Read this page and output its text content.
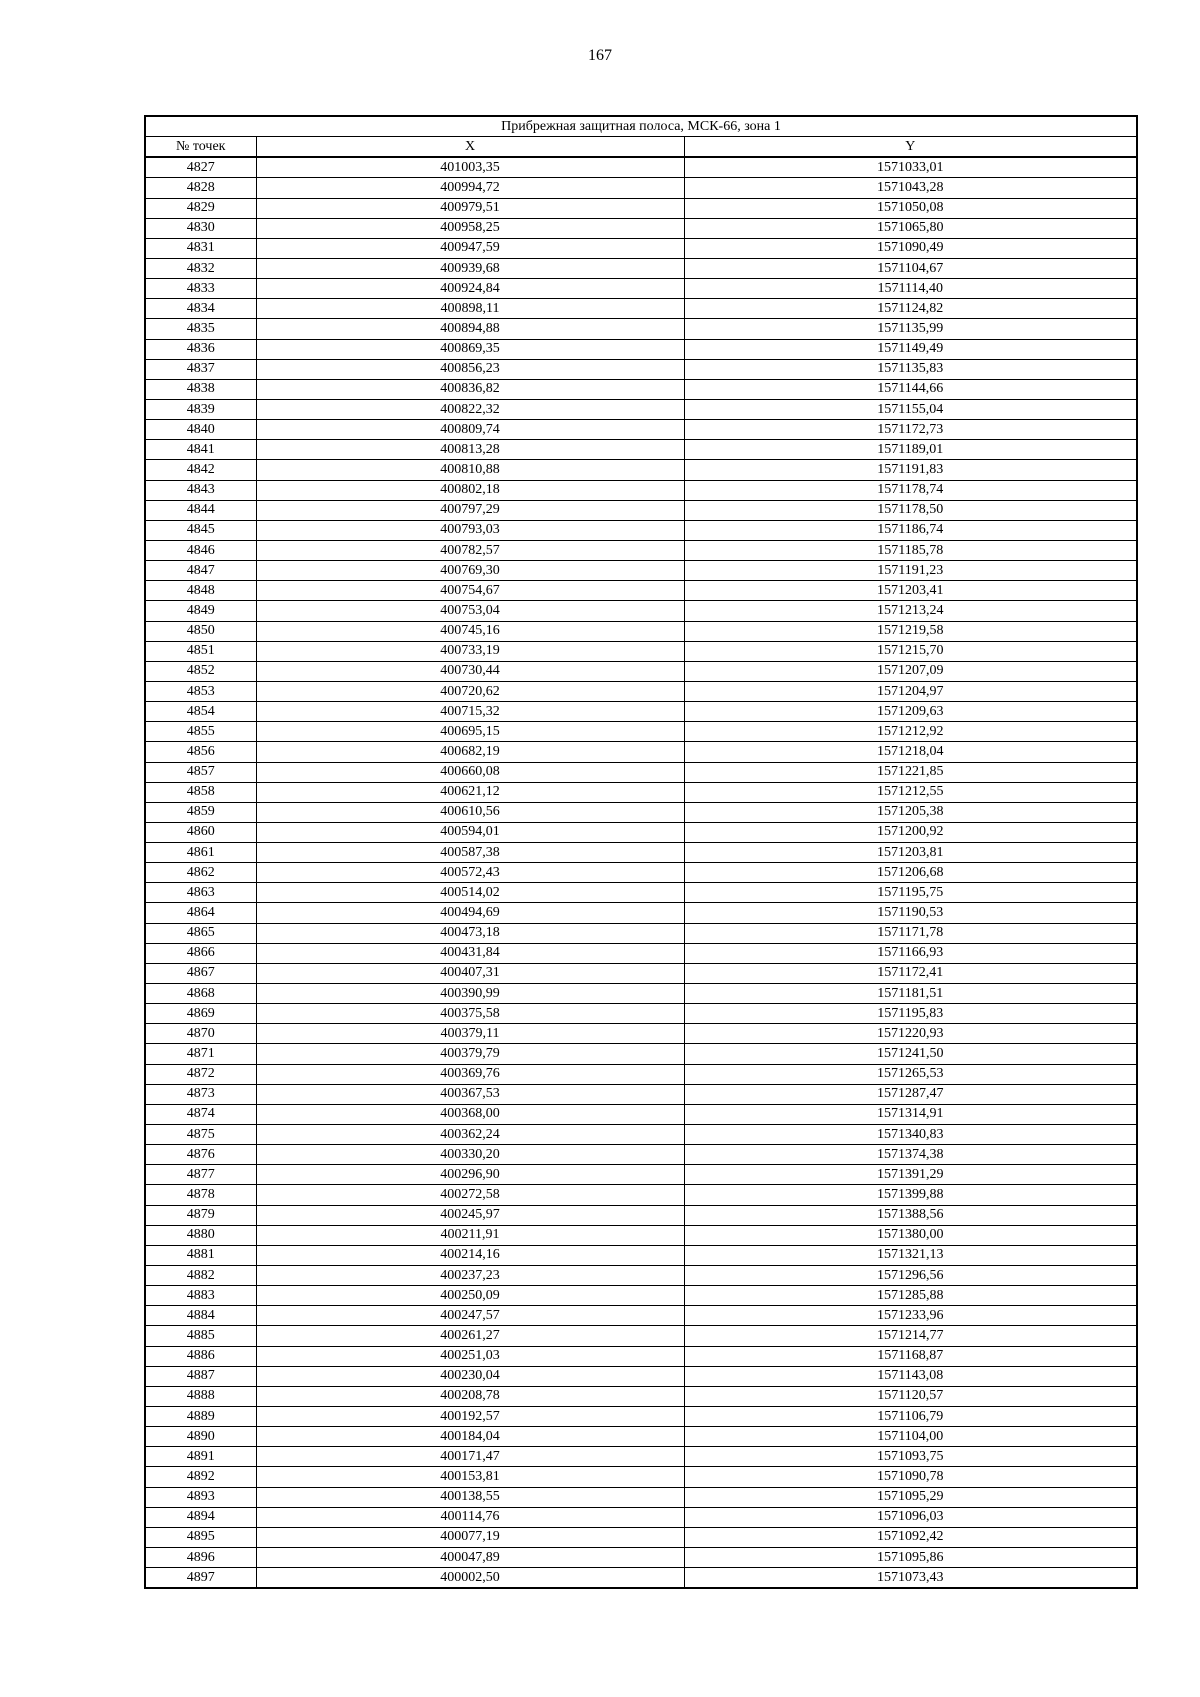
167
Прибрежная защитная полоса, МСК-66, зона 1		
№ точек	X	Y
4827	401003,35	1571033,01
4828	400994,72	1571043,28
4829	400979,51	1571050,08
4830	400958,25	1571065,80
4831	400947,59	1571090,49
4832	400939,68	1571104,67
4833	400924,84	1571114,40
4834	400898,11	1571124,82
4835	400894,88	1571135,99
4836	400869,35	1571149,49
4837	400856,23	1571135,83
4838	400836,82	1571144,66
4839	400822,32	1571155,04
4840	400809,74	1571172,73
4841	400813,28	1571189,01
4842	400810,88	1571191,83
4843	400802,18	1571178,74
4844	400797,29	1571178,50
4845	400793,03	1571186,74
4846	400782,57	1571185,78
4847	400769,30	1571191,23
4848	400754,67	1571203,41
4849	400753,04	1571213,24
4850	400745,16	1571219,58
4851	400733,19	1571215,70
4852	400730,44	1571207,09
4853	400720,62	1571204,97
4854	400715,32	1571209,63
4855	400695,15	1571212,92
4856	400682,19	1571218,04
4857	400660,08	1571221,85
4858	400621,12	1571212,55
4859	400610,56	1571205,38
4860	400594,01	1571200,92
4861	400587,38	1571203,81
4862	400572,43	1571206,68
4863	400514,02	1571195,75
4864	400494,69	1571190,53
4865	400473,18	1571171,78
4866	400431,84	1571166,93
4867	400407,31	1571172,41
4868	400390,99	1571181,51
4869	400375,58	1571195,83
4870	400379,11	1571220,93
4871	400379,79	1571241,50
4872	400369,76	1571265,53
4873	400367,53	1571287,47
4874	400368,00	1571314,91
4875	400362,24	1571340,83
4876	400330,20	1571374,38
4877	400296,90	1571391,29
4878	400272,58	1571399,88
4879	400245,97	1571388,56
4880	400211,91	1571380,00
4881	400214,16	1571321,13
4882	400237,23	1571296,56
4883	400250,09	1571285,88
4884	400247,57	1571233,96
4885	400261,27	1571214,77
4886	400251,03	1571168,87
4887	400230,04	1571143,08
4888	400208,78	1571120,57
4889	400192,57	1571106,79
4890	400184,04	1571104,00
4891	400171,47	1571093,75
4892	400153,81	1571090,78
4893	400138,55	1571095,29
4894	400114,76	1571096,03
4895	400077,19	1571092,42
4896	400047,89	1571095,86
4897	400002,50	1571073,43
